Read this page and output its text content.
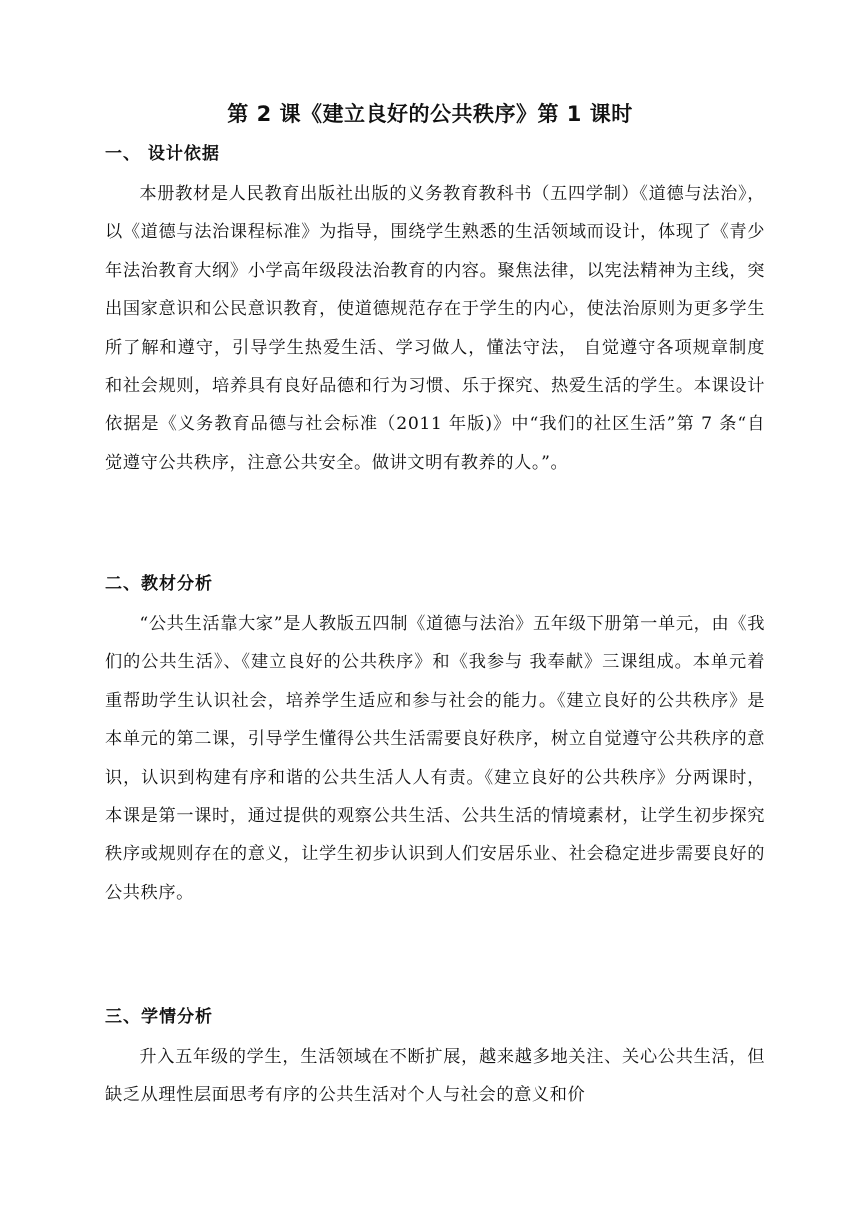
第 2 课《建立良好的公共秩序》第 1 课时
一、 设计依据
本册教材是人民教育出版社出版的义务教育教科书（五四学制）《道德与法治》，以《道德与法治课程标准》为指导，围绕学生熟悉的生活领域而设计，体现了《青少年法治教育大纲》小学高年级段法治教育的内容。聚焦法律，以宪法精神为主线，突出国家意识和公民意识教育，使道德规范存在于学生的内心，使法治原则为更多学生所了解和遵守，引导学生热爱生活、学习做人，懂法守法， 自觉遵守各项规章制度和社会规则，培养具有良好品德和行为习惯、乐于探究、热爱生活的学生。本课设计依据是《义务教育品德与社会标准（2011 年版)》中“我们的社区生活”第 7 条“自觉遵守公共秩序，注意公共安全。做讲文明有教养的人。”。
二、教材分析
“公共生活靠大家”是人教版五四制《道德与法治》五年级下册第一单元，由《我们的公共生活》、《建立良好的公共秩序》和《我参与 我奉献》三课组成。本单元着重帮助学生认识社会，培养学生适应和参与社会的能力。《建立良好的公共秩序》是本单元的第二课，引导学生懂得公共生活需要良好秩序，树立自觉遵守公共秩序的意识，认识到构建有序和谐的公共生活人人有责。《建立良好的公共秩序》分两课时，本课是第一课时，通过提供的观察公共生活、公共生活的情境素材，让学生初步探究秩序或规则存在的意义，让学生初步认识到人们安居乐业、社会稳定进步需要良好的公共秩序。
三、学情分析
升入五年级的学生，生活领域在不断扩展，越来越多地关注、关心公共生活，但缺乏从理性层面思考有序的公共生活对个人与社会的意义和价
